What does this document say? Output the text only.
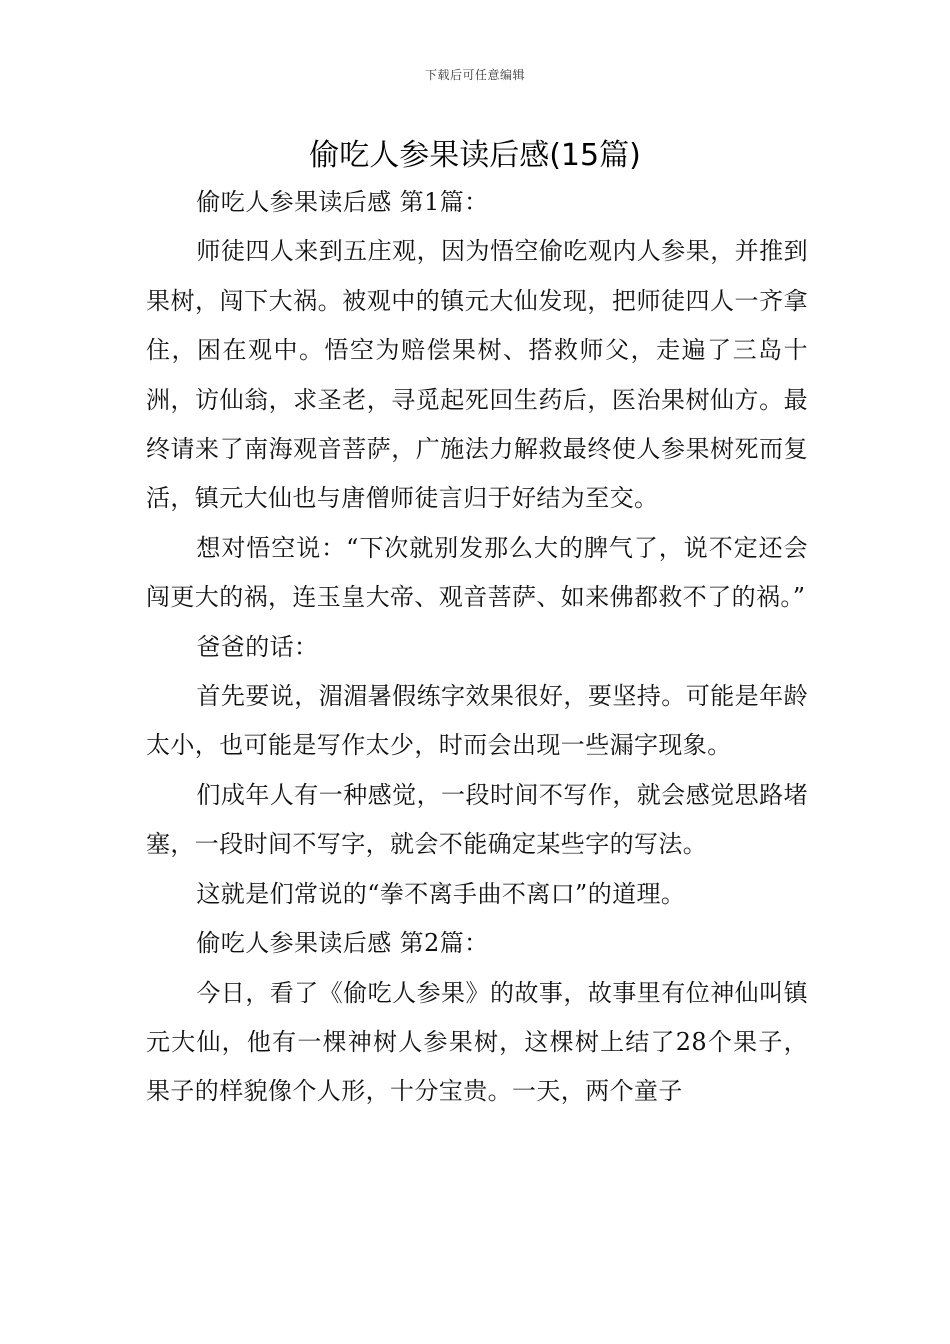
下载后可任意编辑
偷吃人参果读后感(15篇)

偷吃人参果读后感 第1篇：

师徒四人来到五庄观，因为悟空偷吃观内人参果，并推到果树，闯下大祸。被观中的镇元大仙发现，把师徒四人一齐拿住，困在观中。悟空为赔偿果树、搭救师父，走遍了三岛十洲，访仙翁，求圣老，寻觅起死回生药后，医治果树仙方。最终请来了南海观音菩萨，广施法力解救最终使人参果树死而复活，镇元大仙也与唐僧师徒言归于好结为至交。

想对悟空说：“下次就别发那么大的脾气了，说不定还会闯更大的祸，连玉皇大帝、观音菩萨、如来佛都救不了的祸。”

爸爸的话：

首先要说，湄湄暑假练字效果很好，要坚持。可能是年龄太小，也可能是写作太少，时而会出现一些漏字现象。

们成年人有一种感觉，一段时间不写作，就会感觉思路堵塞，一段时间不写字，就会不能确定某些字的写法。

这就是们常说的“拳不离手曲不离口”的道理。

偷吃人参果读后感 第2篇：

今日，看了《偷吃人参果》的故事，故事里有位神仙叫镇元大仙，他有一棵神树人参果树，这棵树上结了28个果子，果子的样貌像个人形，十分宝贵。一天，两个童子
